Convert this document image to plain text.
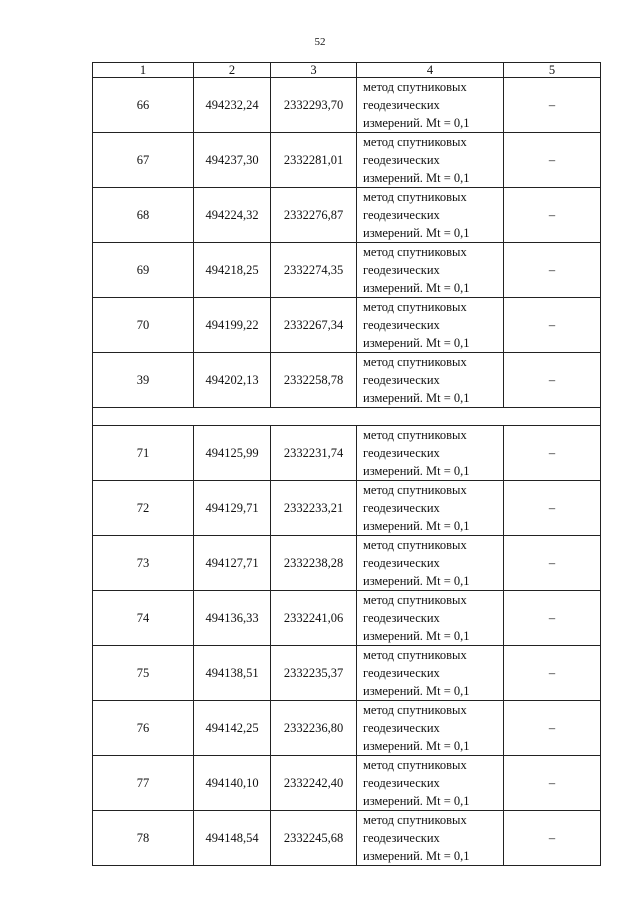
52
1	2	3	4	5
66	494232,24	2332293,70	метод спутниковых
геодезических
измерений. Mt = 0,1	–
67	494237,30	2332281,01	метод спутниковых
геодезических
измерений. Mt = 0,1	–
68	494224,32	2332276,87	метод спутниковых
геодезических
измерений. Mt = 0,1	–
69	494218,25	2332274,35	метод спутниковых
геодезических
измерений. Mt = 0,1	–
70	494199,22	2332267,34	метод спутниковых
геодезических
измерений. Mt = 0,1	–
39	494202,13	2332258,78	метод спутниковых
геодезических
измерений. Mt = 0,1	–

71	494125,99	2332231,74	метод спутниковых
геодезических
измерений. Mt = 0,1	–
72	494129,71	2332233,21	метод спутниковых
геодезических
измерений. Mt = 0,1	–
73	494127,71	2332238,28	метод спутниковых
геодезических
измерений. Mt = 0,1	–
74	494136,33	2332241,06	метод спутниковых
геодезических
измерений. Mt = 0,1	–
75	494138,51	2332235,37	метод спутниковых
геодезических
измерений. Mt = 0,1	–
76	494142,25	2332236,80	метод спутниковых
геодезических
измерений. Mt = 0,1	–
77	494140,10	2332242,40	метод спутниковых
геодезических
измерений. Mt = 0,1	–
78	494148,54	2332245,68	метод спутниковых
геодезических
измерений. Mt = 0,1	–
